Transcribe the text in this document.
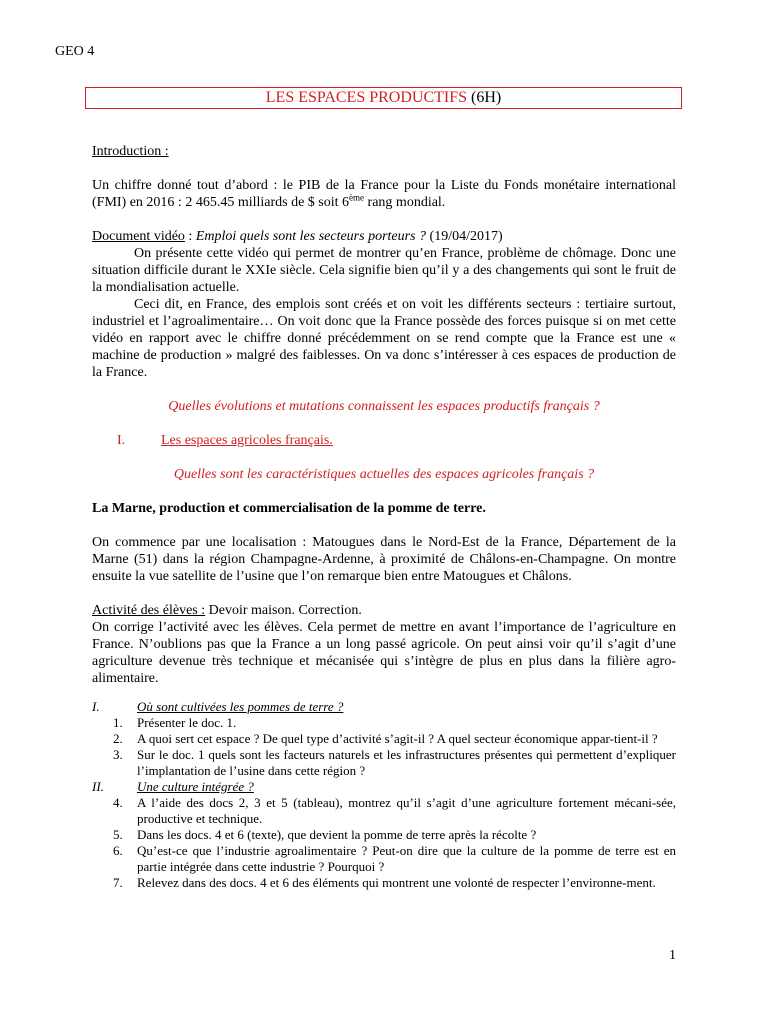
GEO 4
LES ESPACES PRODUCTIFS (6H)

Introduction :

Un chiffre donné tout d’abord : le PIB de la France pour la Liste du Fonds monétaire international (FMI) en 2016 : 2 465.45 milliards de $ soit 6ème rang mondial.

Document vidéo : Emploi quels sont les secteurs porteurs ? (19/04/2017)

On présente cette vidéo qui permet de montrer qu’en France, problème de chômage. Donc une situation difficile durant le XXIe siècle. Cela signifie bien qu’il y a des changements qui sont le fruit de la mondialisation actuelle.

Ceci dit, en France, des emplois sont créés et on voit les différents secteurs : tertiaire surtout, industriel et l’agroalimentaire… On voit donc que la France possède des forces puisque si on met cette vidéo en rapport avec le chiffre donné précédemment on se rend compte que la France est une « machine de production » malgré des faiblesses. On va donc s’intéresser à ces espaces de production de la France.

Quelles évolutions et mutations connaissent les espaces productifs français ?

I.	Les espaces agricoles français.

Quelles sont les caractéristiques actuelles des espaces agricoles français ?

La Marne, production et commercialisation de la pomme de terre.

On commence par une localisation : Matougues dans le Nord-Est de la France, Département de la Marne (51) dans la région Champagne-Ardenne, à proximité de Châlons-en-Champagne. On montre ensuite la vue satellite de l’usine que l’on remarque bien entre Matougues et Châlons.

Activité des élèves : Devoir maison. Correction.

On corrige l’activité avec les élèves. Cela permet de mettre en avant l’importance de l’agriculture en France. N’oublions pas que la France a un long passé agricole. On peut ainsi voir qu’il s’agit d’une agriculture devenue très technique et mécanisée qui s’intègre de plus en plus dans la filière agro-alimentaire.

I.	Où sont cultivées les pommes de terre ?
1. Présenter le doc. 1.
2. A quoi sert cet espace ? De quel type d’activité s’agit-il ? A quel secteur économique appar-tient-il ?
3. Sur le doc. 1 quels sont les facteurs naturels et les infrastructures présentes qui permettent d’expliquer l’implantation de l’usine dans cette région ?
II.	Une culture intégrée ?
4. A l’aide des docs 2, 3 et 5 (tableau), montrez qu’il s’agit d’une agriculture fortement mécani-sée, productive et technique.
5. Dans les docs. 4 et 6 (texte), que devient la pomme de terre après la récolte ?
6. Qu’est-ce que l’industrie agroalimentaire ? Peut-on dire que la culture de la pomme de terre est en partie intégrée dans cette industrie ? Pourquoi ?
7. Relevez dans des docs. 4 et 6 des éléments qui montrent une volonté de respecter l’environne-ment.
1
